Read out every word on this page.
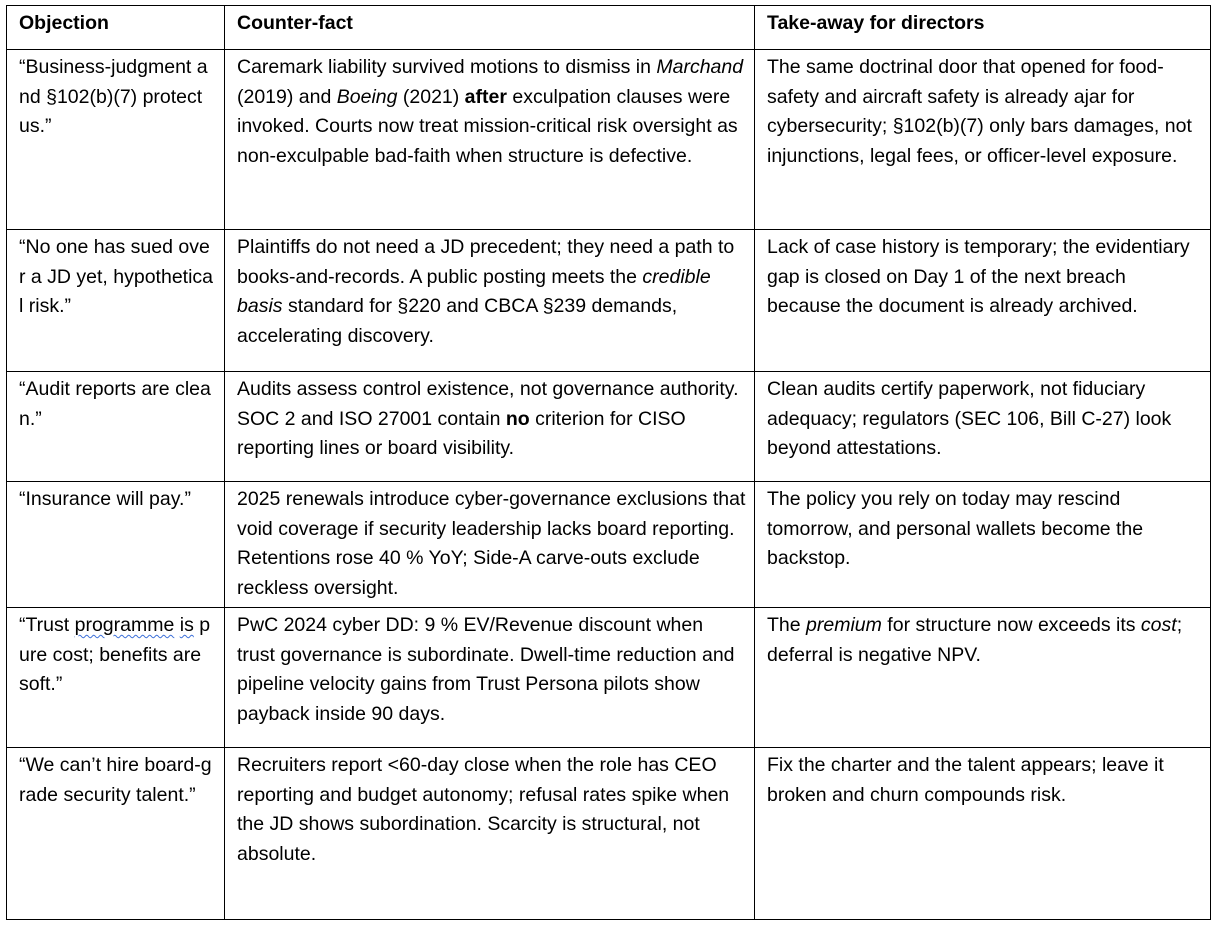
Objection	Counter-fact	Take-away for directors
“Business-judgment and §102(b)(7) protect us.”	Caremark liability survived motions to dismiss in Marchand (2019) and Boeing (2021) after exculpation clauses were invoked. Courts now treat mission-critical risk oversight as non-exculpable bad-faith when structure is defective.	The same doctrinal door that opened for food-safety and aircraft safety is already ajar for cybersecurity; §102(b)(7) only bars damages, not injunctions, legal fees, or officer-level exposure.
“No one has sued over a JD yet, hypothetical risk.”	Plaintiffs do not need a JD precedent; they need a path to books-and-records. A public posting meets the credible basis standard for §220 and CBCA §239 demands, accelerating discovery.	Lack of case history is temporary; the evidentiary gap is closed on Day 1 of the next breach because the document is already archived.
“Audit reports are clean.”	Audits assess control existence, not governance authority. SOC 2 and ISO 27001 contain no criterion for CISO reporting lines or board visibility.	Clean audits certify paperwork, not fiduciary adequacy; regulators (SEC 106, Bill C-27) look beyond attestations.
“Insurance will pay.”	2025 renewals introduce cyber-governance exclusions that void coverage if security leadership lacks board reporting. Retentions rose 40 % YoY; Side-A carve-outs exclude reckless oversight.	The policy you rely on today may rescind tomorrow, and personal wallets become the backstop.
“Trust programme is pure cost; benefits are soft.”	PwC 2024 cyber DD: 9 % EV/Revenue discount when trust governance is subordinate. Dwell-time reduction and pipeline velocity gains from Trust Persona pilots show payback inside 90 days.	The premium for structure now exceeds its cost; deferral is negative NPV.
“We can’t hire board-grade security talent.”	Recruiters report <60-day close when the role has CEO reporting and budget autonomy; refusal rates spike when the JD shows subordination. Scarcity is structural, not absolute.	Fix the charter and the talent appears; leave it broken and churn compounds risk.
